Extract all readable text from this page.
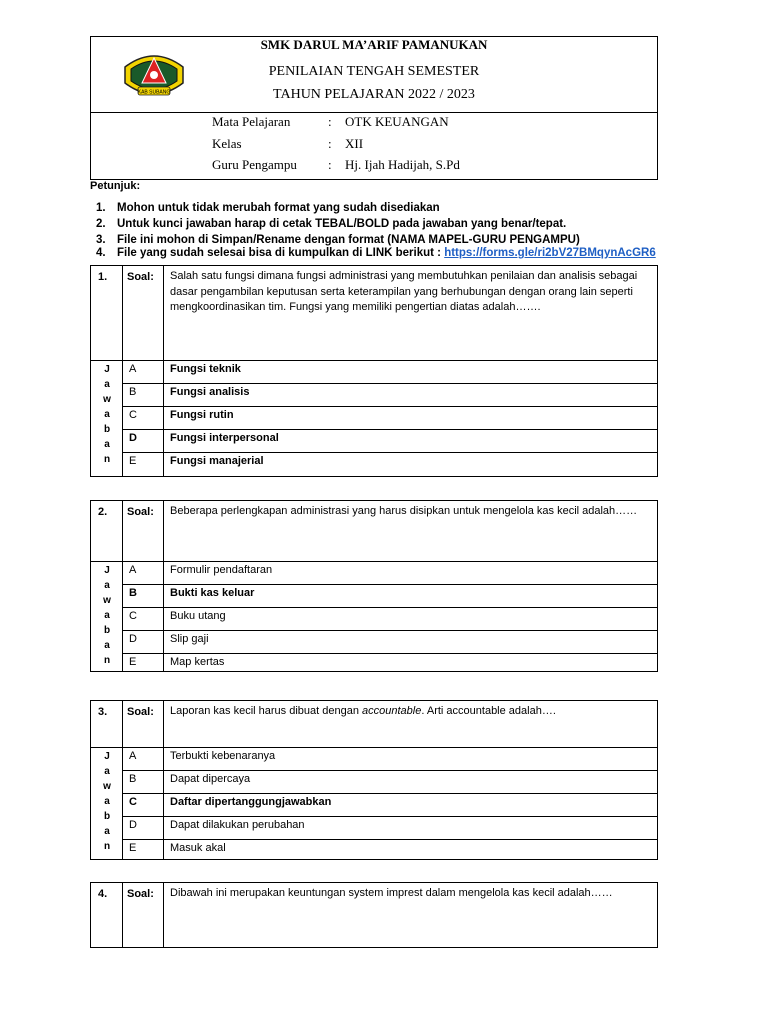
KAB SUBANG
SMK DARUL MA’ARIF PAMANUKAN
PENILAIAN TENGAH SEMESTER
TAHUN PELAJARAN 2022 / 2023
Mata Pelajaran	: OTK KEUANGAN
Kelas	: XII
Guru Pengampu	: Hj. Ijah Hadijah, S.Pd
Petunjuk:
1. Mohon untuk tidak merubah format yang sudah disediakan
2. Untuk kunci jawaban harap di cetak TEBAL/BOLD pada jawaban yang benar/tepat.
3. File ini mohon di Simpan/Rename dengan format (NAMA MAPEL-GURU PENGAMPU)
4. File yang sudah selesai bisa di kumpulkan di LINK berikut : https://forms.gle/ri2bV27BMqynAcGR6
1. Soal: Salah satu fungsi dimana fungsi administrasi yang membutuhkan penilaian dan analisis sebagai dasar pengambilan keputusan serta keterampilan yang berhubungan dengan orang lain seperti mengkoordinasikan tim. Fungsi yang memiliki pengertian diatas adalah…….
J
a
w
a
b
a
n
A	Fungsi teknik
B	Fungsi analisis
C	Fungsi rutin
D	Fungsi interpersonal
E	Fungsi manajerial
2. Soal: Beberapa perlengkapan administrasi yang harus disipkan untuk mengelola kas kecil adalah……
J
a
w
a
b
a
n
A	Formulir pendaftaran
B	Bukti kas keluar
C	Buku utang
D	Slip gaji
E	Map kertas
3. Soal: Laporan kas kecil harus dibuat dengan accountable. Arti accountable adalah….
J
a
w
a
b
a
n
A	Terbukti kebenaranya
B	Dapat dipercaya
C	Daftar dipertanggungjawabkan
D	Dapat dilakukan perubahan
E	Masuk akal
4. Soal: Dibawah ini merupakan keuntungan system imprest dalam mengelola kas kecil adalah……
